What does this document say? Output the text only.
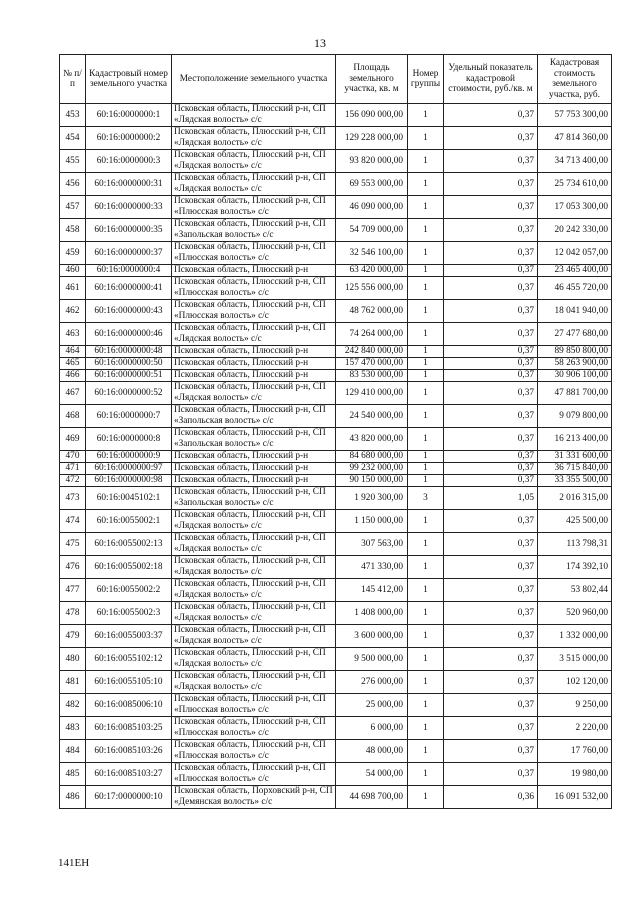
13
№ п/п	Кадастровый номер земельного участка	Местоположение земельного участка	Площадь земельного участка, кв. м	Номер группы	Удельный показатель кадастровой стоимости, руб./кв. м	Кадастровая стоимость земельного участка, руб.
453	60:16:0000000:1	Псковская область, Плюсский р-н, СП «Лядская волость» с/с	156 090 000,00	1	0,37	57 753 300,00
454	60:16:0000000:2	Псковская область, Плюсский р-н, СП «Лядская волость» с/с	129 228 000,00	1	0,37	47 814 360,00
455	60:16:0000000:3	Псковская область, Плюсский р-н, СП «Лядская волость» с/с	93 820 000,00	1	0,37	34 713 400,00
456	60:16:0000000:31	Псковская область, Плюсский р-н, СП «Лядская волость» с/с	69 553 000,00	1	0,37	25 734 610,00
457	60:16:0000000:33	Псковская область, Плюсский р-н, СП «Плюсская волость» с/с	46 090 000,00	1	0,37	17 053 300,00
458	60:16:0000000:35	Псковская область, Плюсский р-н, СП «Запольская волость» с/с	54 709 000,00	1	0,37	20 242 330,00
459	60:16:0000000:37	Псковская область, Плюсский р-н, СП «Плюсская волость» с/с	32 546 100,00	1	0,37	12 042 057,00
460	60:16:0000000:4	Псковская область, Плюсский р-н	63 420 000,00	1	0,37	23 465 400,00
461	60:16:0000000:41	Псковская область, Плюсский р-н, СП «Плюсская волость» с/с	125 556 000,00	1	0,37	46 455 720,00
462	60:16:0000000:43	Псковская область, Плюсский р-н, СП «Плюсская волость» с/с	48 762 000,00	1	0,37	18 041 940,00
463	60:16:0000000:46	Псковская область, Плюсский р-н, СП «Лядская волость» с/с	74 264 000,00	1	0,37	27 477 680,00
464	60:16:0000000:48	Псковская область, Плюсский р-н	242 840 000,00	1	0,37	89 850 800,00
465	60:16:0000000:50	Псковская область, Плюсский р-н	157 470 000,00	1	0,37	58 263 900,00
466	60:16:0000000:51	Псковская область, Плюсский р-н	83 530 000,00	1	0,37	30 906 100,00
467	60:16:0000000:52	Псковская область, Плюсский р-н, СП «Лядская волость» с/с	129 410 000,00	1	0,37	47 881 700,00
468	60:16:0000000:7	Псковская область, Плюсский р-н, СП «Запольская волость» с/с	24 540 000,00	1	0,37	9 079 800,00
469	60:16:0000000:8	Псковская область, Плюсский р-н, СП «Запольская волость» с/с	43 820 000,00	1	0,37	16 213 400,00
470	60:16:0000000:9	Псковская область, Плюсский р-н	84 680 000,00	1	0,37	31 331 600,00
471	60:16:0000000:97	Псковская область, Плюсский р-н	99 232 000,00	1	0,37	36 715 840,00
472	60:16:0000000:98	Псковская область, Плюсский р-н	90 150 000,00	1	0,37	33 355 500,00
473	60:16:0045102:1	Псковская область, Плюсский р-н, СП «Запольская волость» с/с	1 920 300,00	3	1,05	2 016 315,00
474	60:16:0055002:1	Псковская область, Плюсский р-н, СП «Лядская волость» с/с	1 150 000,00	1	0,37	425 500,00
475	60:16:0055002:13	Псковская область, Плюсский р-н, СП «Лядская волость» с/с	307 563,00	1	0,37	113 798,31
476	60:16:0055002:18	Псковская область, Плюсский р-н, СП «Лядская волость» с/с	471 330,00	1	0,37	174 392,10
477	60:16:0055002:2	Псковская область, Плюсский р-н, СП «Лядская волость» с/с	145 412,00	1	0,37	53 802,44
478	60:16:0055002:3	Псковская область, Плюсский р-н, СП «Лядская волость» с/с	1 408 000,00	1	0,37	520 960,00
479	60:16:0055003:37	Псковская область, Плюсский р-н, СП «Лядская волость» с/с	3 600 000,00	1	0,37	1 332 000,00
480	60:16:0055102:12	Псковская область, Плюсский р-н, СП «Лядская волость» с/с	9 500 000,00	1	0,37	3 515 000,00
481	60:16:0055105:10	Псковская область, Плюсский р-н, СП «Лядская волость» с/с	276 000,00	1	0,37	102 120,00
482	60:16:0085006:10	Псковская область, Плюсский р-н, СП «Плюсская волость» с/с	25 000,00	1	0,37	9 250,00
483	60:16:0085103:25	Псковская область, Плюсский р-н, СП «Плюсская волость» с/с	6 000,00	1	0,37	2 220,00
484	60:16:0085103:26	Псковская область, Плюсский р-н, СП «Плюсская волость» с/с	48 000,00	1	0,37	17 760,00
485	60:16:0085103:27	Псковская область, Плюсский р-н, СП «Плюсская волость» с/с	54 000,00	1	0,37	19 980,00
486	60:17:0000000:10	Псковская область, Порховский р-н, СП «Демянская волость» с/с	44 698 700,00	1	0,36	16 091 532,00
141ЕН
